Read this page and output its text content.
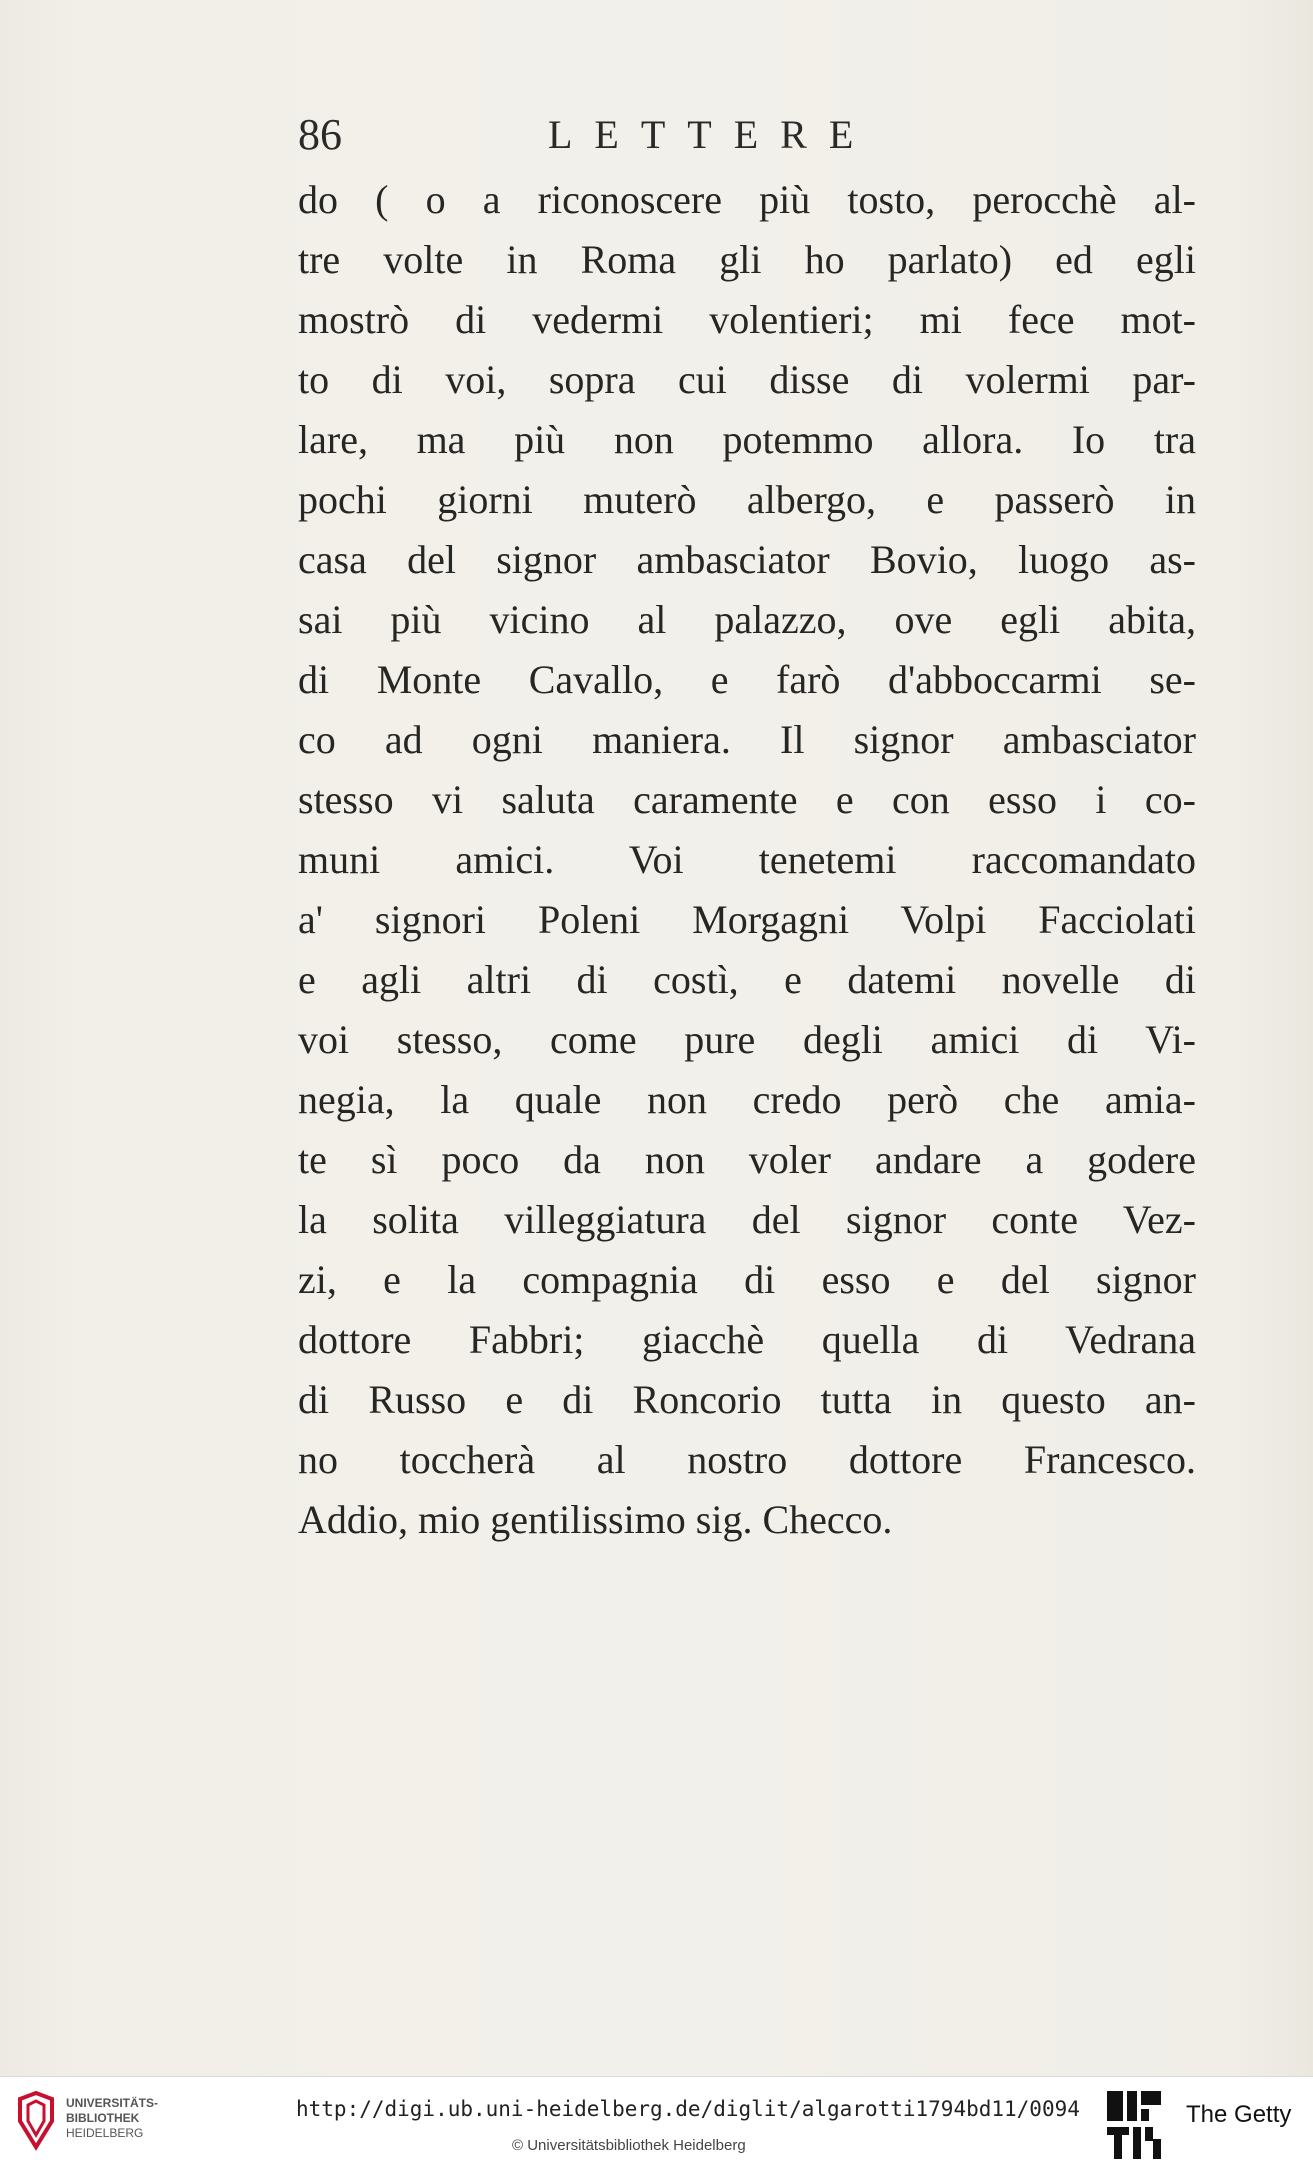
86	LETTERE
do ( o a riconoscere più tosto, perocchè al-
tre volte in Roma gli ho parlato) ed egli
mostrò di vedermi volentieri; mi fece mot-
to di voi, sopra cui disse di volermi par-
lare, ma più non potemmo allora. Io tra
pochi giorni muterò albergo, e passerò in
casa del signor ambasciator Bovio, luogo as-
sai più vicino al palazzo, ove egli abita,
di Monte Cavallo, e farò d'abboccarmi se-
co ad ogni maniera. Il signor ambasciator
stesso vi saluta caramente e con esso i co-
muni amici. Voi tenetemi raccomandato
a' signori Poleni Morgagni Volpi Facciolati
e agli altri di costì, e datemi novelle di
voi stesso, come pure degli amici di Vi-
negia, la quale non credo però che amia-
te sì poco da non voler andare a godere
la solita villeggiatura del signor conte Vez-
zi, e la compagnia di esso e del signor
dottore Fabbri; giacchè quella di Vedrana
di Russo e di Roncorio tutta in questo an-
no toccherà al nostro dottore Francesco.
Addio, mio gentilissimo sig. Checco.
UNIVERSITÄTS-
BIBLIOTHEK
HEIDELBERG
http://digi.ub.uni-heidelberg.de/diglit/algarotti1794bd11/0094
© Universitätsbibliothek Heidelberg
The Getty
